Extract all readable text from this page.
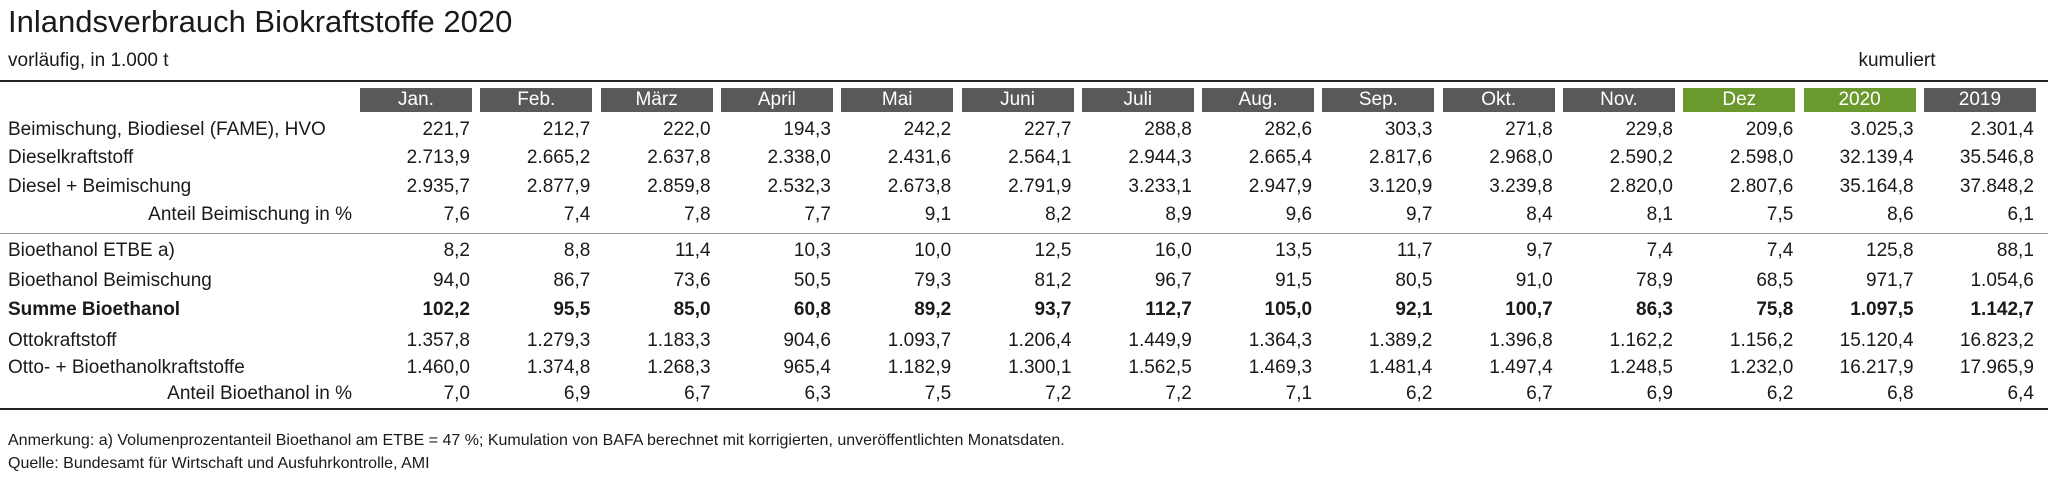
Inlandsverbrauch Biokraftstoffe 2020
vorläufig, in 1.000 t	kumuliert
Jan.	Feb.	März	April	Mai	Juni	Juli	Aug.	Sep.	Okt.	Nov.	Dez	2020	2019
Beimischung, Biodiesel (FAME), HVO	221,7	212,7	222,0	194,3	242,2	227,7	288,8	282,6	303,3	271,8	229,8	209,6	3.025,3	2.301,4
Dieselkraftstoff	2.713,9	2.665,2	2.637,8	2.338,0	2.431,6	2.564,1	2.944,3	2.665,4	2.817,6	2.968,0	2.590,2	2.598,0	32.139,4	35.546,8
Diesel + Beimischung	2.935,7	2.877,9	2.859,8	2.532,3	2.673,8	2.791,9	3.233,1	2.947,9	3.120,9	3.239,8	2.820,0	2.807,6	35.164,8	37.848,2
Anteil Beimischung in %	7,6	7,4	7,8	7,7	9,1	8,2	8,9	9,6	9,7	8,4	8,1	7,5	8,6	6,1
Bioethanol ETBE a)	8,2	8,8	11,4	10,3	10,0	12,5	16,0	13,5	11,7	9,7	7,4	7,4	125,8	88,1
Bioethanol Beimischung	94,0	86,7	73,6	50,5	79,3	81,2	96,7	91,5	80,5	91,0	78,9	68,5	971,7	1.054,6
Summe Bioethanol	102,2	95,5	85,0	60,8	89,2	93,7	112,7	105,0	92,1	100,7	86,3	75,8	1.097,5	1.142,7
Ottokraftstoff	1.357,8	1.279,3	1.183,3	904,6	1.093,7	1.206,4	1.449,9	1.364,3	1.389,2	1.396,8	1.162,2	1.156,2	15.120,4	16.823,2
Otto- + Bioethanolkraftstoffe	1.460,0	1.374,8	1.268,3	965,4	1.182,9	1.300,1	1.562,5	1.469,3	1.481,4	1.497,4	1.248,5	1.232,0	16.217,9	17.965,9
Anteil Bioethanol in %	7,0	6,9	6,7	6,3	7,5	7,2	7,2	7,1	6,2	6,7	6,9	6,2	6,8	6,4
Anmerkung: a) Volumenprozentanteil Bioethanol am ETBE = 47 %; Kumulation von BAFA berechnet mit korrigierten, unveröffentlichten Monatsdaten.
Quelle: Bundesamt für Wirtschaft und Ausfuhrkontrolle, AMI
